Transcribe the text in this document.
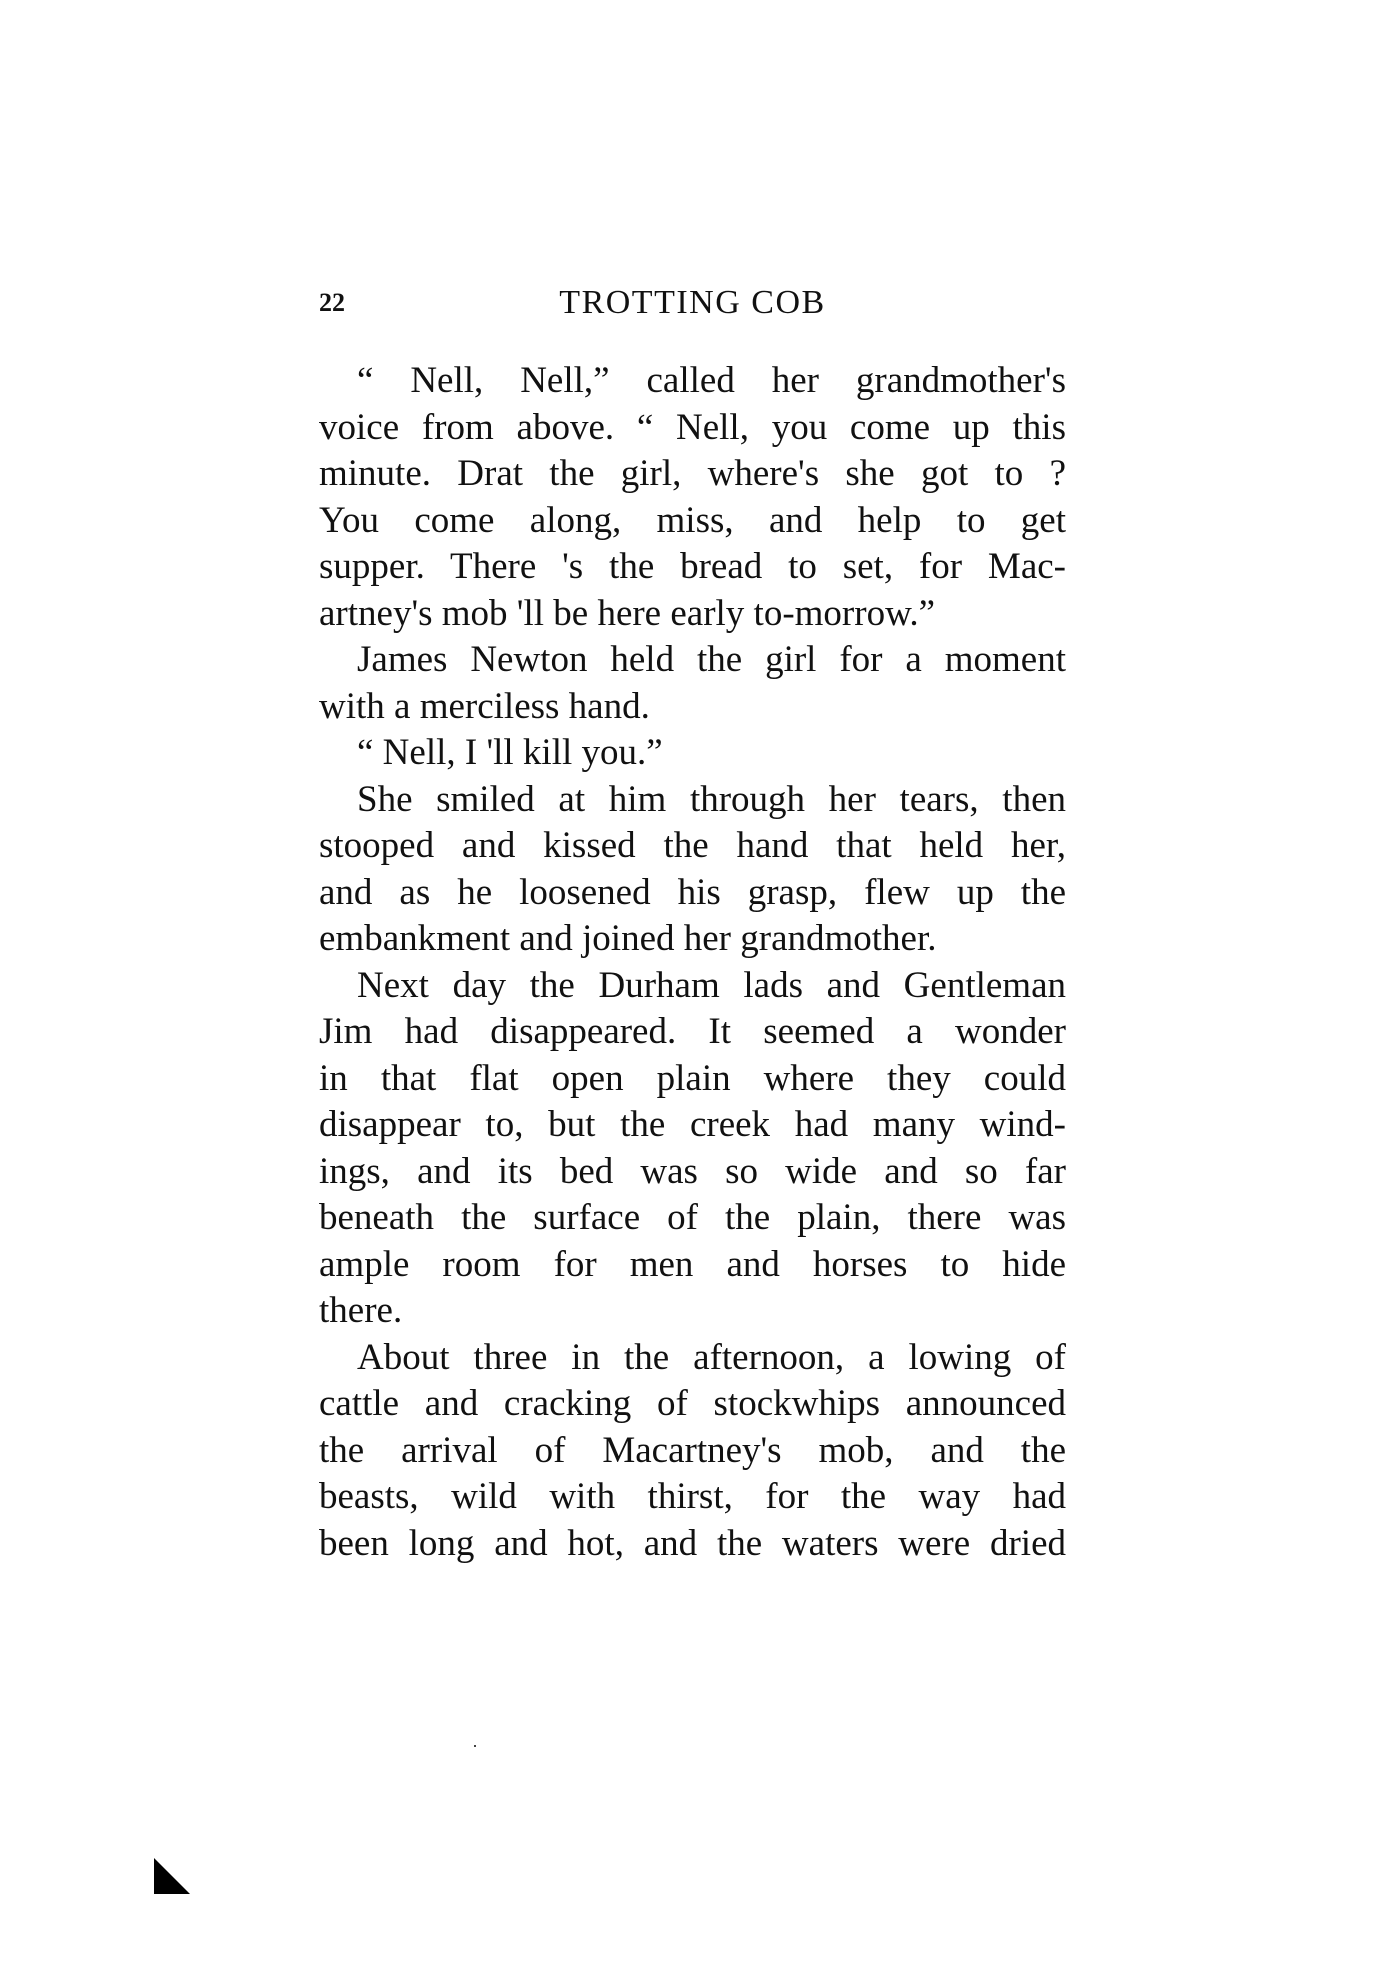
22	TROTTING COB
“ Nell, Nell,” called her grandmother's
voice from above. “ Nell, you come up this
minute. Drat the girl, where's she got to ?
You come along, miss, and help to get
supper. There 's the bread to set, for Mac-
artney's mob 'll be here early to-morrow.”
James Newton held the girl for a moment
with a merciless hand.
“ Nell, I 'll kill you.”
She smiled at him through her tears, then
stooped and kissed the hand that held her,
and as he loosened his grasp, flew up the
embankment and joined her grandmother.
Next day the Durham lads and Gentleman
Jim had disappeared. It seemed a wonder
in that flat open plain where they could
disappear to, but the creek had many wind-
ings, and its bed was so wide and so far
beneath the surface of the plain, there was
ample room for men and horses to hide
there.
About three in the afternoon, a lowing of
cattle and cracking of stockwhips announced
the arrival of Macartney's mob, and the
beasts, wild with thirst, for the way had
been long and hot, and the waters were dried
